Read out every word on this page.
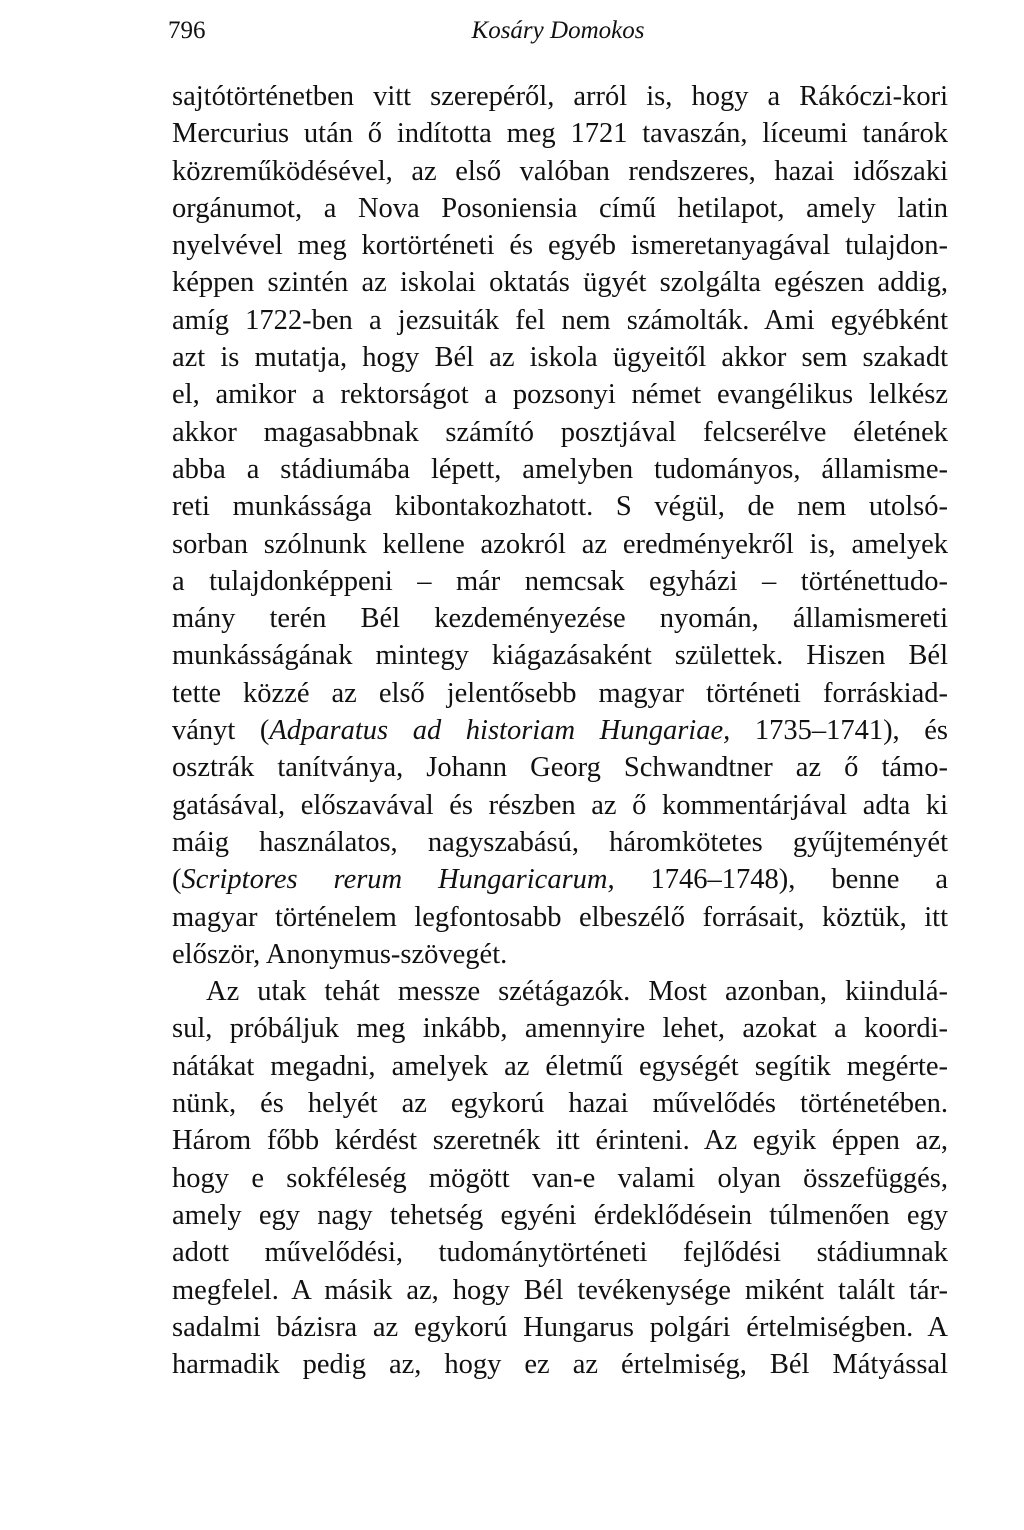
796	Kosáry Domokos
sajtótörténetben vitt szerepéről, arról is, hogy a Rákóczi-kori
Mercurius után ő indította meg 1721 tavaszán, líceumi tanárok
közreműködésével, az első valóban rendszeres, hazai időszaki
orgánumot, a Nova Posoniensia című hetilapot, amely latin
nyelvével meg kortörténeti és egyéb ismeretanyagával tulajdon-
képpen szintén az iskolai oktatás ügyét szolgálta egészen addig,
amíg 1722-ben a jezsuiták fel nem számolták. Ami egyébként
azt is mutatja, hogy Bél az iskola ügyeitől akkor sem szakadt
el, amikor a rektorságot a pozsonyi német evangélikus lelkész
akkor magasabbnak számító posztjával felcserélve életének
abba a stádiumába lépett, amelyben tudományos, államisme-
reti munkássága kibontakozhatott. S végül, de nem utolsó-
sorban szólnunk kellene azokról az eredményekről is, amelyek
a tulajdonképpeni – már nemcsak egyházi – történettudo-
mány terén Bél kezdeményezése nyomán, államismereti
munkásságának mintegy kiágazásaként születtek. Hiszen Bél
tette közzé az első jelentősebb magyar történeti forráskiad-
ványt (Adparatus ad historiam Hungariae, 1735–1741), és
osztrák tanítványa, Johann Georg Schwandtner az ő támo-
gatásával, előszavával és részben az ő kommentárjával adta ki
máig használatos, nagyszabású, háromkötetes gyűjteményét
(Scriptores rerum Hungaricarum, 1746–1748), benne a
magyar történelem legfontosabb elbeszélő forrásait, köztük, itt
először, Anonymus-szövegét.
Az utak tehát messze szétágazók. Most azonban, kiindulá-
sul, próbáljuk meg inkább, amennyire lehet, azokat a koordi-
nátákat megadni, amelyek az életmű egységét segítik megérte-
nünk, és helyét az egykorú hazai művelődés történetében.
Három főbb kérdést szeretnék itt érinteni. Az egyik éppen az,
hogy e sokféleség mögött van-e valami olyan összefüggés,
amely egy nagy tehetség egyéni érdeklődésein túlmenően egy
adott művelődési, tudománytörténeti fejlődési stádiumnak
megfelel. A másik az, hogy Bél tevékenysége miként talált tár-
sadalmi bázisra az egykorú Hungarus polgári értelmiségben. A
harmadik pedig az, hogy ez az értelmiség, Bél Mátyással
